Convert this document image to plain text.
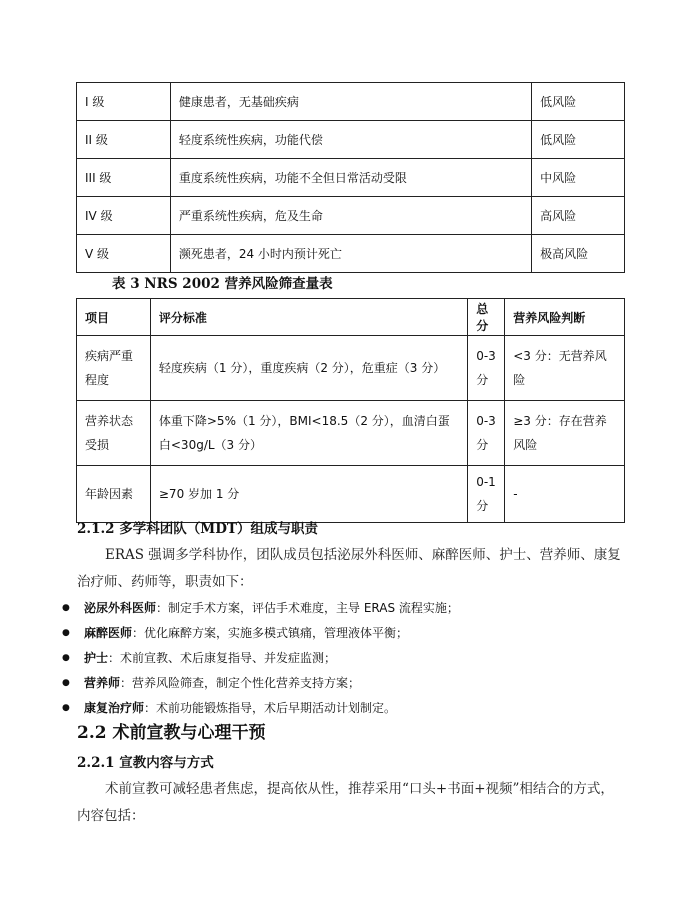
I 级	健康患者，无基础疾病	低风险
II 级	轻度系统性疾病，功能代偿	低风险
III 级	重度系统性疾病，功能不全但日常活动受限	中风险
IV 级	严重系统性疾病，危及生命	高风险
V 级	濒死患者，24 小时内预计死亡	极高风险

表 3 NRS 2002 营养风险筛查量表

项目	评分标准	总分	营养风险判断
疾病严重程度	轻度疾病（1 分），重度疾病（2 分），危重症（3 分）	0-3 分	<3 分：无营养风险
营养状态受损	体重下降>5%（1 分），BMI<18.5（2 分），血清白蛋白<30g/L（3 分）	0-3 分	≥3 分：存在营养风险
年龄因素	≥70 岁加 1 分	0-1 分	-
2.1.2 多学科团队（MDT）组成与职责

ERAS 强调多学科协作，团队成员包括泌尿外科医师、麻醉医师、护士、营养师、康复治疗师、药师等，职责如下：

● 泌尿外科医师：制定手术方案，评估手术难度，主导 ERAS 流程实施；
● 麻醉医师：优化麻醉方案，实施多模式镇痛，管理液体平衡；
● 护士：术前宣教、术后康复指导、并发症监测；
● 营养师：营养风险筛查，制定个性化营养支持方案；
● 康复治疗师：术前功能锻炼指导，术后早期活动计划制定。
2.2 术前宣教与心理干预
2.2.1 宣教内容与方式

术前宣教可减轻患者焦虑，提高依从性，推荐采用“口头+书面+视频”相结合的方式，内容包括：
